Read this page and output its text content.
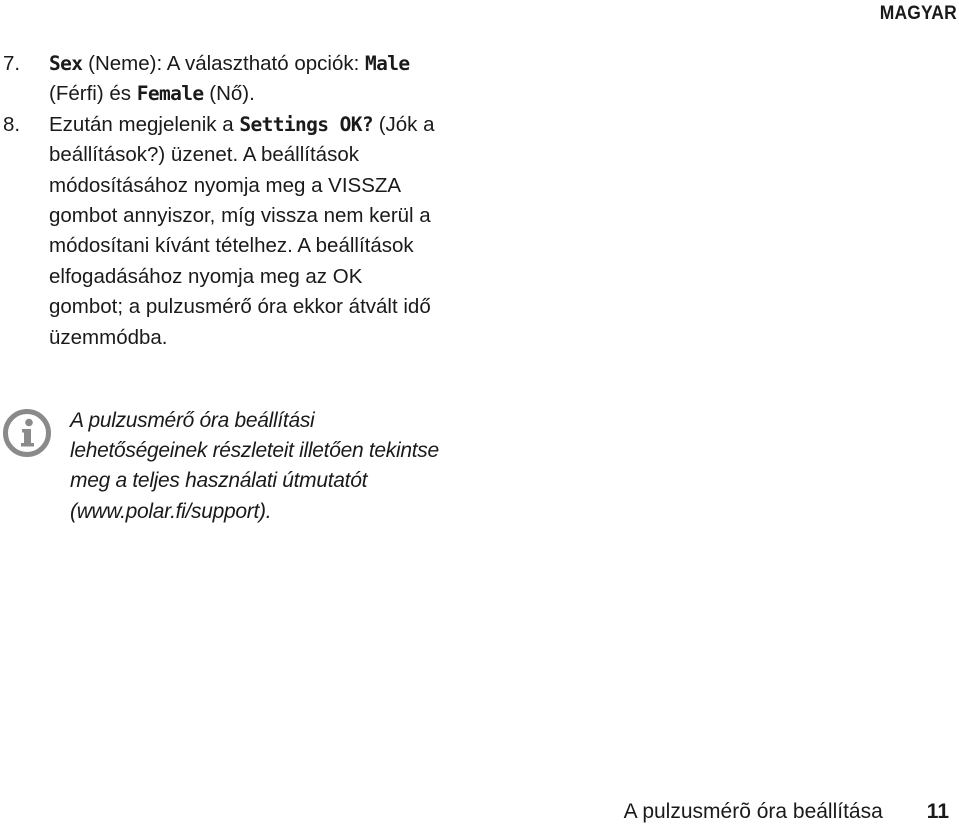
MAGYAR
7. Sex (Neme): A választható opciók: Male (Férfi) és Female (Nő).
8. Ezután megjelenik a Settings OK? (Jók a beállítások?) üzenet. A beállítások módosításához nyomja meg a VISSZA gombot annyiszor, míg vissza nem kerül a módosítani kívánt tételhez. A beállítások elfogadásához nyomja meg az OK gombot; a pulzusmérő óra ekkor átvált idő üzemmódba.
A pulzusmérő óra beállítási lehetőségeinek részleteit illetően tekintse meg a teljes használati útmutatót (www.polar.fi/support).
A pulzusmérõ óra beállítása 11
